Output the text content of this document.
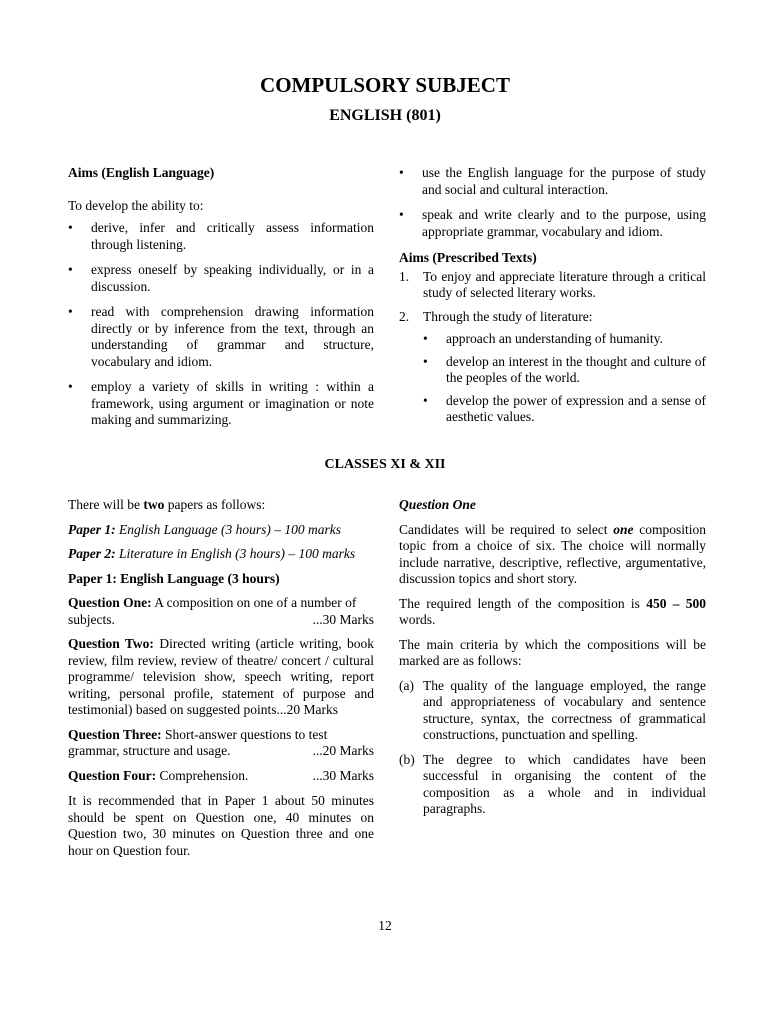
COMPULSORY SUBJECT
ENGLISH (801)

Aims (English Language)

To develop the ability to:

• derive, infer and critically assess information through listening.
• express oneself by speaking individually, or in a discussion.
• read with comprehension drawing information directly or by inference from the text, through an understanding of grammar and structure, vocabulary and idiom.
• employ a variety of skills in writing : within a framework, using argument or imagination or note making and summarizing.
• use the English language for the purpose of study and social and cultural interaction.
• speak and write clearly and to the purpose, using appropriate grammar, vocabulary and idiom.

Aims (Prescribed Texts)

1. To enjoy and appreciate literature through a critical study of selected literary works.
2. Through the study of literature:
• approach an understanding of humanity.
• develop an interest in the thought and culture of the peoples of the world.
• develop the power of expression and a sense of aesthetic values.
CLASSES XI & XII

There will be two papers as follows:

Paper 1: English Language (3 hours) – 100 marks

Paper 2: Literature in English (3 hours) – 100 marks

Paper 1: English Language (3 hours)

Question One: A composition on one of a number of

subjects.	...30 Marks

Question Two: Directed writing (article writing, book review, film review, review of theatre/ concert / cultural programme/ television show, speech writing, report writing, personal profile, statement of purpose and testimonial) based on suggested points...20 Marks

Question Three: Short-answer questions to test

grammar, structure and usage.	...20 Marks
Question Four: Comprehension.	...30 Marks

It is recommended that in Paper 1 about 50 minutes should be spent on Question one, 40 minutes on Question two, 30 minutes on Question three and one hour on Question four.

Question One

Candidates will be required to select one composition topic from a choice of six. The choice will normally include narrative, descriptive, reflective, argumentative, discussion topics and short story.

The required length of the composition is 450 – 500 words.

The main criteria by which the compositions will be marked are as follows:

(a) The quality of the language employed, the range and appropriateness of vocabulary and sentence structure, syntax, the correctness of grammatical constructions, punctuation and spelling.
(b) The degree to which candidates have been successful in organising the content of the composition as a whole and in individual paragraphs.
12
